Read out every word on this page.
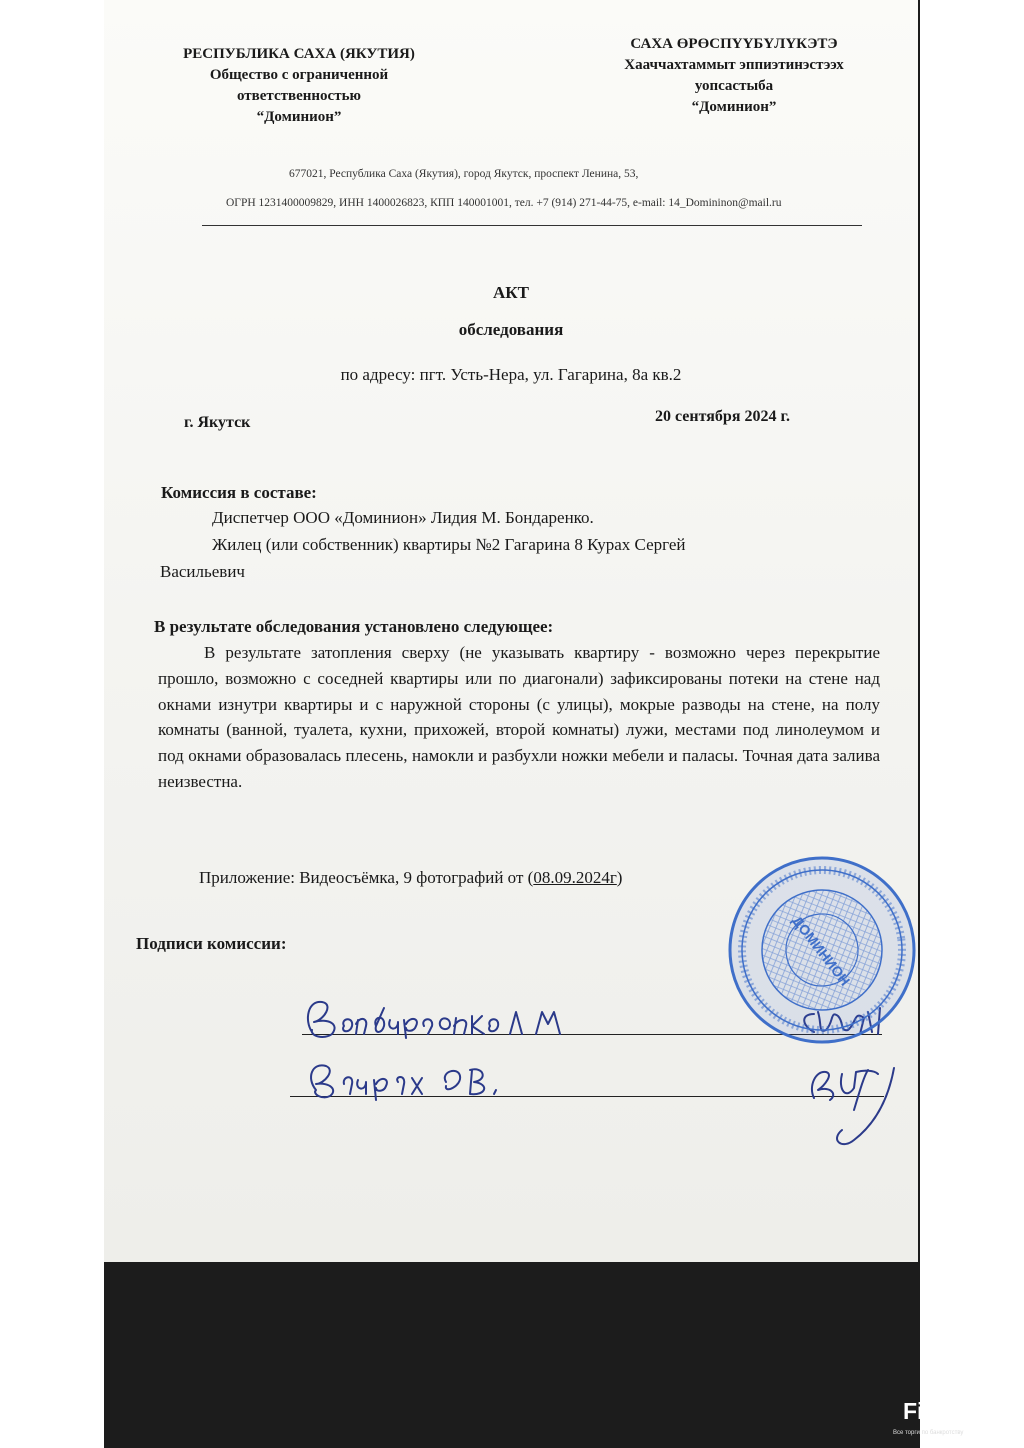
РЕСПУБЛИКА САХА (ЯКУТИЯ)
Общество с ограниченной
ответственностью
“Доминион”
САХА ӨРӨСПҮҮБҮЛҮКЭТЭ
Хааччахтаммыт эппиэтинэстээх
уопсастыба
“Доминион”
677021, Республика Саха (Якутия), город Якутск, проспект Ленина, 53,
ОГРН 1231400009829, ИНН 1400026823, КПП 140001001, тел. +7 (914) 271-44-75, e-mail: 14_Domininon@mail.ru
АКТ
обследования
по адресу: пгт. Усть-Нера, ул. Гагарина, 8а кв.2
г. Якутск	20 сентября 2024 г.
Комиссия в составе:
Диспетчер ООО «Доминион» Лидия М. Бондаренко.
Жилец (или собственник) квартиры №2 Гагарина 8 Курах Сергей
Васильевич
В результате обследования установлено следующее:
В результате затопления сверху (не указывать квартиру - возможно через перекрытие прошло, возможно с соседней квартиры или по диагонали) зафиксированы потеки на стене над окнами изнутри квартиры и с наружной стороны (с улицы), мокрые разводы на стене, на полу комнаты (ванной, туалета, кухни, прихожей, второй комнаты) лужи, местами под линолеумом и под окнами образовалась плесень, намокли и разбухли ножки мебели и паласы. Точная дата залива неизвестна.
Приложение: Видеосъёмка, 9 фотографий от (08.09.2024г)
Подписи комиссии:	ДОМИНИОН
Finderlot
Все торги по банкротству
